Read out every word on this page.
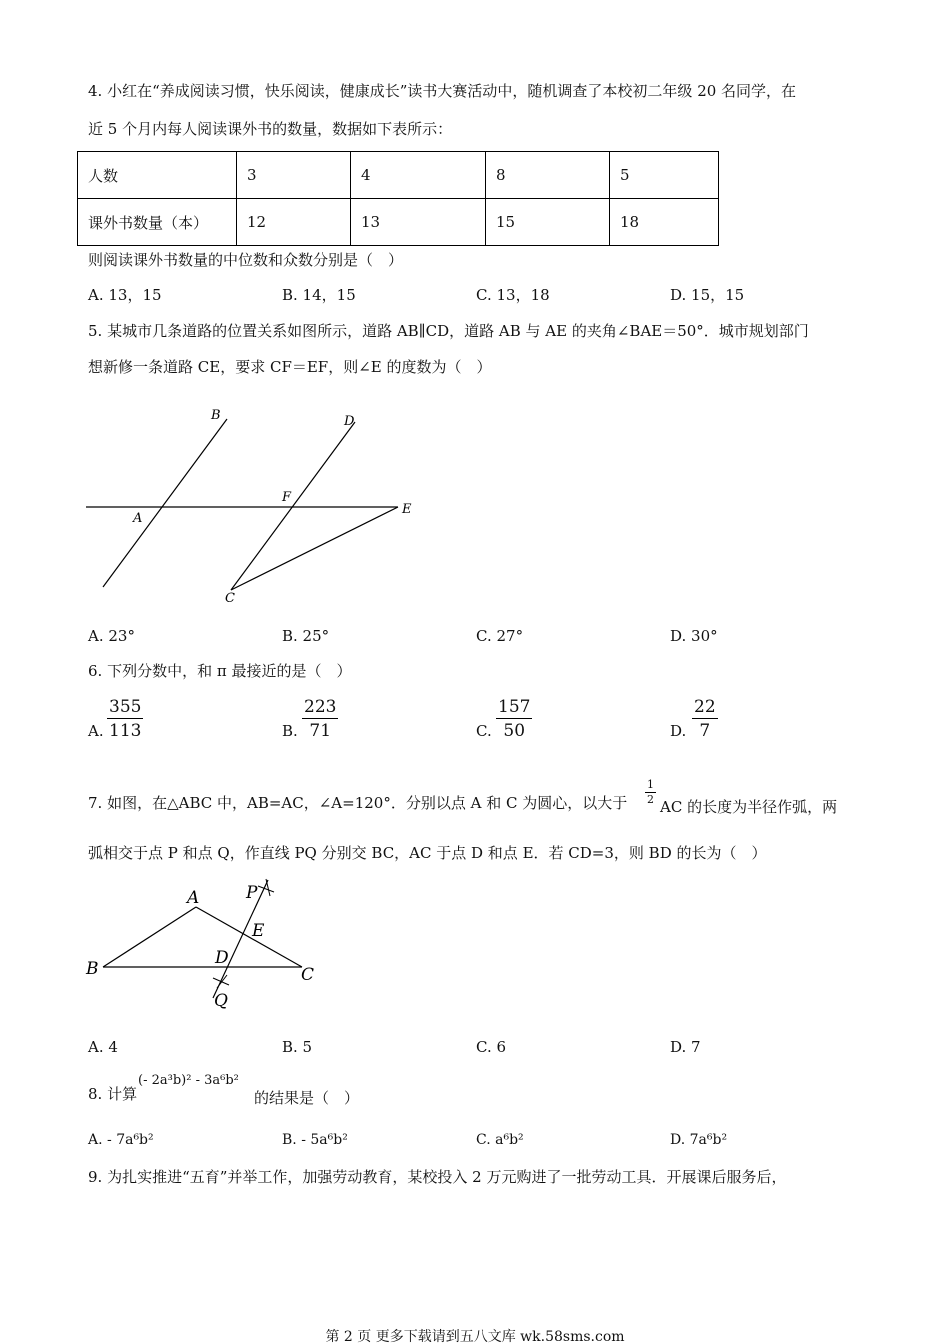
4. 小红在“养成阅读习惯，快乐阅读，健康成长”读书大赛活动中，随机调查了本校初二年级 20 名同学，在
近 5 个月内每人阅读课外书的数量，数据如下表所示：
人数	3	4	8	5
课外书数量（本）	12	13	15	18
则阅读课外书数量的中位数和众数分别是（　）
A. 13，15	B. 14，15	C. 13，18	D. 15，15
5. 某城市几条道路的位置关系如图所示，道路 AB∥CD，道路 AB 与 AE 的夹角∠BAE＝50°．城市规划部门
想新修一条道路 CE，要求 CF＝EF，则∠E 的度数为（　）
B	D
F
E
A
C
A. 23°	B. 25°	C. 27°	D. 30°
6. 下列分数中，和 π 最接近的是（　）
A. $\frac{355}{113}$	B. $\frac{223}{71}$	C. $\frac{157}{50}$	D. $\frac{22}{7}$
7. 如图，在△ABC 中，AB=AC，∠A=120°．分别以点 A 和 C 为圆心，以大于 $\frac{1}{2}$ AC 的长度为半径作弧，两
弧相交于点 P 和点 Q，作直线 PQ 分别交 BC，AC 于点 D 和点 E．若 CD=3，则 BD 的长为（　）
A	P
E
B
D
C
Q
A. 4	B. 5	C. 6	D. 7
8. 计算
(- 2a³b)² - 3a⁶b²
的结果是（　）
A. ‐ 7a⁶b²	B. ‐ 5a⁶b²	C. a⁶b²	D. 7a⁶b²
9. 为扎实推进“五育”并举工作，加强劳动教育，某校投入 2 万元购进了一批劳动工具．开展课后服务后，
第 2 页 更多下载请到五八文库 wk.58sms.com
